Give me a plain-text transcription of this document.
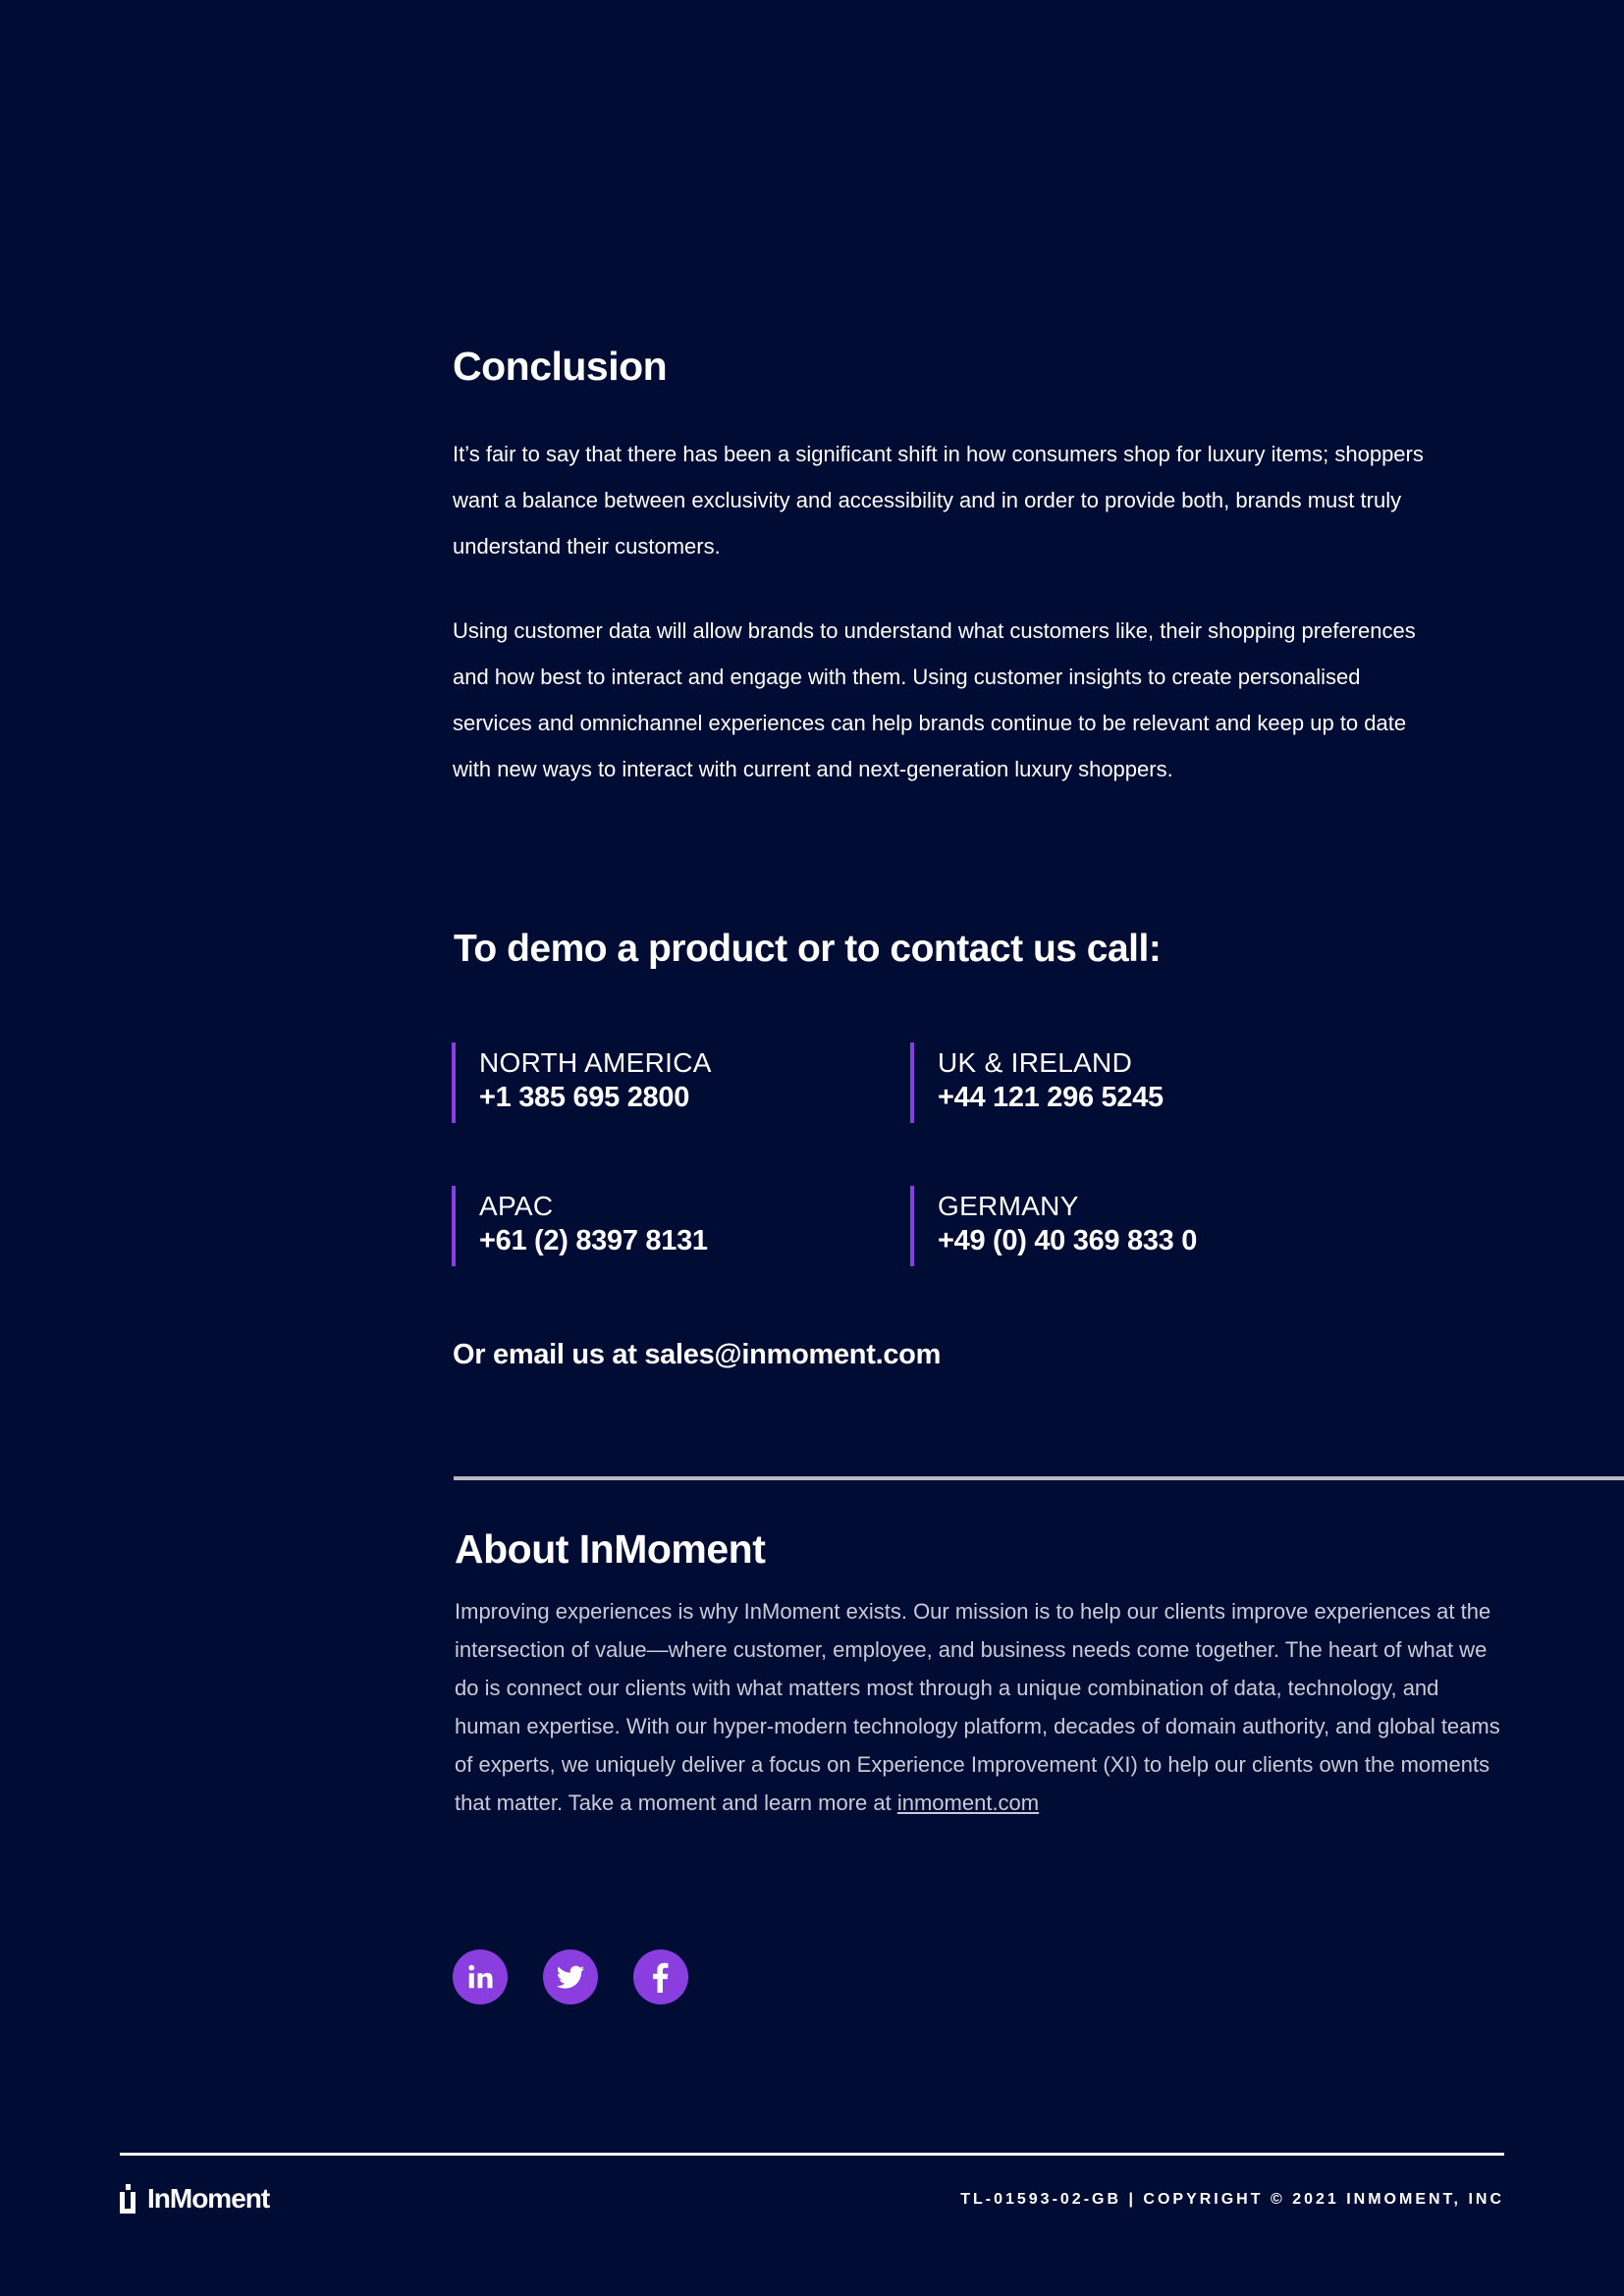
Conclusion

It’s fair to say that there has been a significant shift in how consumers shop for luxury items; shoppers want a balance between exclusivity and accessibility and in order to provide both, brands must truly understand their customers.

Using customer data will allow brands to understand what customers like, their shopping preferences and how best to interact and engage with them. Using customer insights to create personalised services and omnichannel experiences can help brands continue to be relevant and keep up to date with new ways to interact with current and next-generation luxury shoppers.

To demo a product or to contact us call:
NORTH AMERICA
+1 385 695 2800
UK & IRELAND
+44 121 296 5245
APAC
+61 (2) 8397 8131
GERMANY
+49 (0) 40 369 833 0
Or email us at sales@inmoment.com
About InMoment

Improving experiences is why InMoment exists. Our mission is to help our clients improve experiences at the intersection of value—where customer, employee, and business needs come together. The heart of what we do is connect our clients with what matters most through a unique combination of data, technology, and human expertise. With our hyper-modern technology platform, decades of domain authority, and global teams of experts, we uniquely deliver a focus on Experience Improvement (XI) to help our clients own the moments that matter. Take a moment and learn more at inmoment.com

InMoment	TL-01593-02-GB | COPYRIGHT © 2021 INMOMENT, INC
